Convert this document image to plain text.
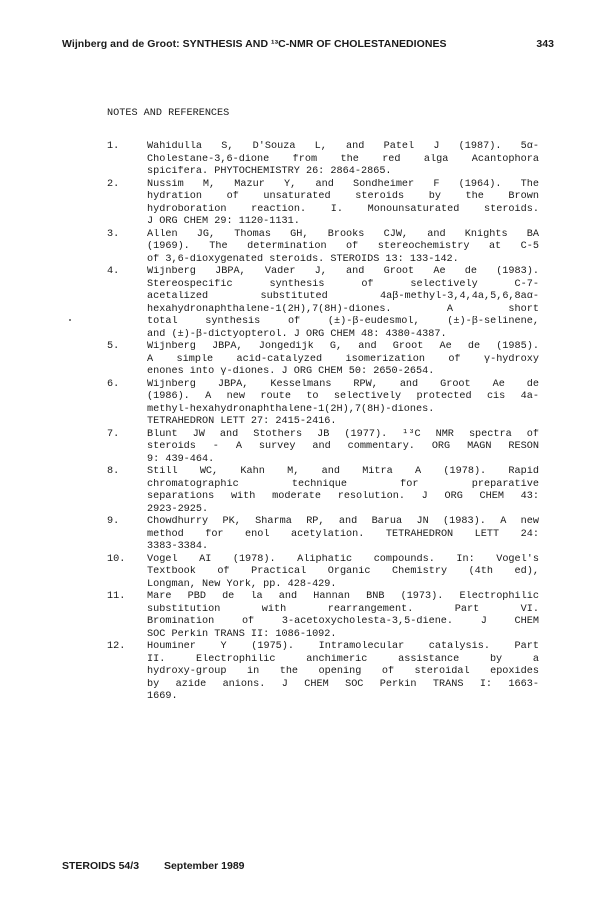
Wijnberg and de Groot: SYNTHESIS AND ¹³C-NMR OF CHOLESTANEDIONES	343
NOTES AND REFERENCES
1.	Wahidulla S, D'Souza L, and Patel J (1987). 5α-
Cholestane-3,6-dione from the red alga Acantophora
spicifera. PHYTOCHEMISTRY 26: 2864-2865.
2.	Nussim M, Mazur Y, and Sondheimer F (1964). The
hydration of unsaturated steroids by the Brown
hydroboration reaction. I. Monounsaturated steroids.
J ORG CHEM 29: 1120-1131.
3.	Allen JG, Thomas GH, Brooks CJW, and Knights BA
(1969). The determination of stereochemistry at C-5
of 3,6-dioxygenated steroids. STEROIDS 13: 133-142.
4.	Wijnberg JBPA, Vader J, and Groot Ae de (1983).
Stereospecific synthesis of selectively C-7-
acetalized substituted 4aβ-methyl-3,4,4a,5,6,8aα-
hexahydronaphthalene-1(2H),7(8H)-diones. A short
total synthesis of (±)-β-eudesmol, (±)-β-selinene,
and (±)-β-dictyopterol. J ORG CHEM 48: 4380-4387.
5.	Wijnberg JBPA, Jongedijk G, and Groot Ae de (1985).
A simple acid-catalyzed isomerization of γ-hydroxy
enones into γ-diones. J ORG CHEM 50: 2650-2654.
6.	Wijnberg JBPA, Kesselmans RPW, and Groot Ae de
(1986). A new route to selectively protected cis 4a-
methyl-hexahydronaphthalene-1(2H),7(8H)-diones.
TETRAHEDRON LETT 27: 2415-2416.
7.	Blunt JW and Stothers JB (1977). ¹³C NMR spectra of
steroids - A survey and commentary. ORG MAGN RESON
9: 439-464.
8.	Still WC, Kahn M, and Mitra A (1978). Rapid
chromatographic technique for preparative
separations with moderate resolution. J ORG CHEM 43:
2923-2925.
9.	Chowdhurry PK, Sharma RP, and Barua JN (1983). A new
method for enol acetylation. TETRAHEDRON LETT 24:
3383-3384.
10.	Vogel AI (1978). Aliphatic compounds. In: Vogel's
Textbook of Practical Organic Chemistry (4th ed),
Longman, New York, pp. 428-429.
11.	Mare PBD de la and Hannan BNB (1973). Electrophilic
substitution with rearrangement. Part VI.
Bromination of 3-acetoxycholesta-3,5-diene. J CHEM
SOC Perkin TRANS II: 1086-1092.
12.	Houminer Y (1975). Intramolecular catalysis. Part
II. Electrophilic anchimeric assistance by a
hydroxy-group in the opening of steroidal epoxides
by azide anions. J CHEM SOC Perkin TRANS I: 1663-
1669.
STEROIDS 54/3 September 1989
